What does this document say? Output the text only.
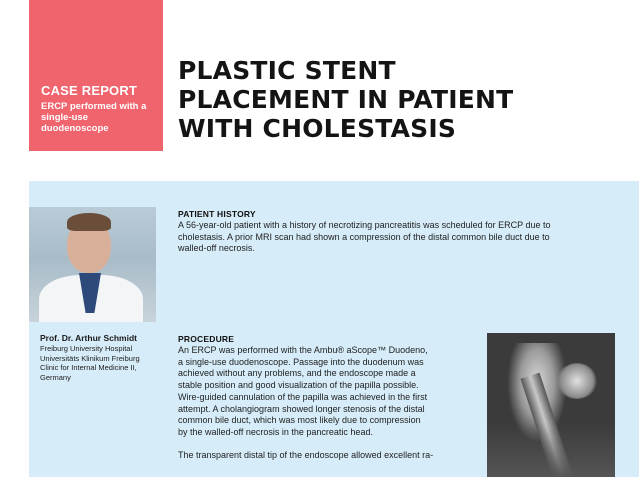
CASE REPORT
ERCP performed with a single-use duodenoscope
PLASTIC STENT
PLACEMENT IN PATIENT
WITH CHOLESTASIS
Prof. Dr. Arthur Schmidt
Freiburg University Hospital
Universitäts Klinikum Freiburg
Clinic for Internal Medicine II,
Germany
PATIENT HISTORY
A 56-year-old patient with a history of necrotizing pancreatitis was scheduled for ERCP due to
cholestasis. A prior MRI scan had shown a compression of the distal common bile duct due to
walled-off necrosis.
PROCEDURE
An ERCP was performed with the Ambu® aScope™ Duodeno,
a single-use duodenoscope. Passage into the duodenum was
achieved without any problems, and the endoscope made a
stable position and good visualization of the papilla possible.
Wire-guided cannulation of the papilla was achieved in the first
attempt. A cholangiogram showed longer stenosis of the distal
common bile duct, which was most likely due to compression
by the walled-off necrosis in the pancreatic head.
The transparent distal tip of the endoscope allowed excellent ra-
